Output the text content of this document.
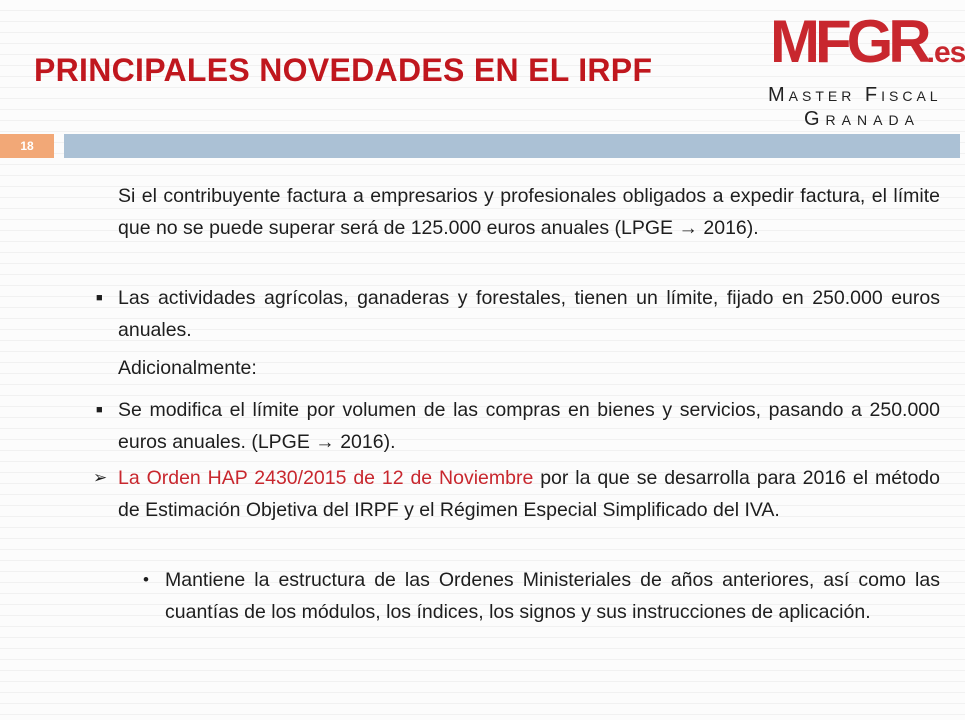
PRINCIPALES NOVEDADES EN EL IRPF MFGR.es
Master Fiscal
Granada
18
Si el contribuyente factura a empresarios y profesionales obligados a expedir factura, el límite que no se puede superar será de 125.000 euros anuales (LPGE → 2016).
■ Las actividades agrícolas, ganaderas y forestales, tienen un límite, fijado en 250.000 euros anuales.
Adicionalmente:
■ Se modifica el límite por volumen de las compras en bienes y servicios, pasando a 250.000 euros anuales. (LPGE → 2016).
➢ La Orden HAP 2430/2015 de 12 de Noviembre por la que se desarrolla para 2016 el método de Estimación Objetiva del IRPF y el Régimen Especial Simplificado del IVA.
• Mantiene la estructura de las Ordenes Ministeriales de años anteriores, así como las cuantías de los módulos, los índices, los signos y sus instrucciones de aplicación.
